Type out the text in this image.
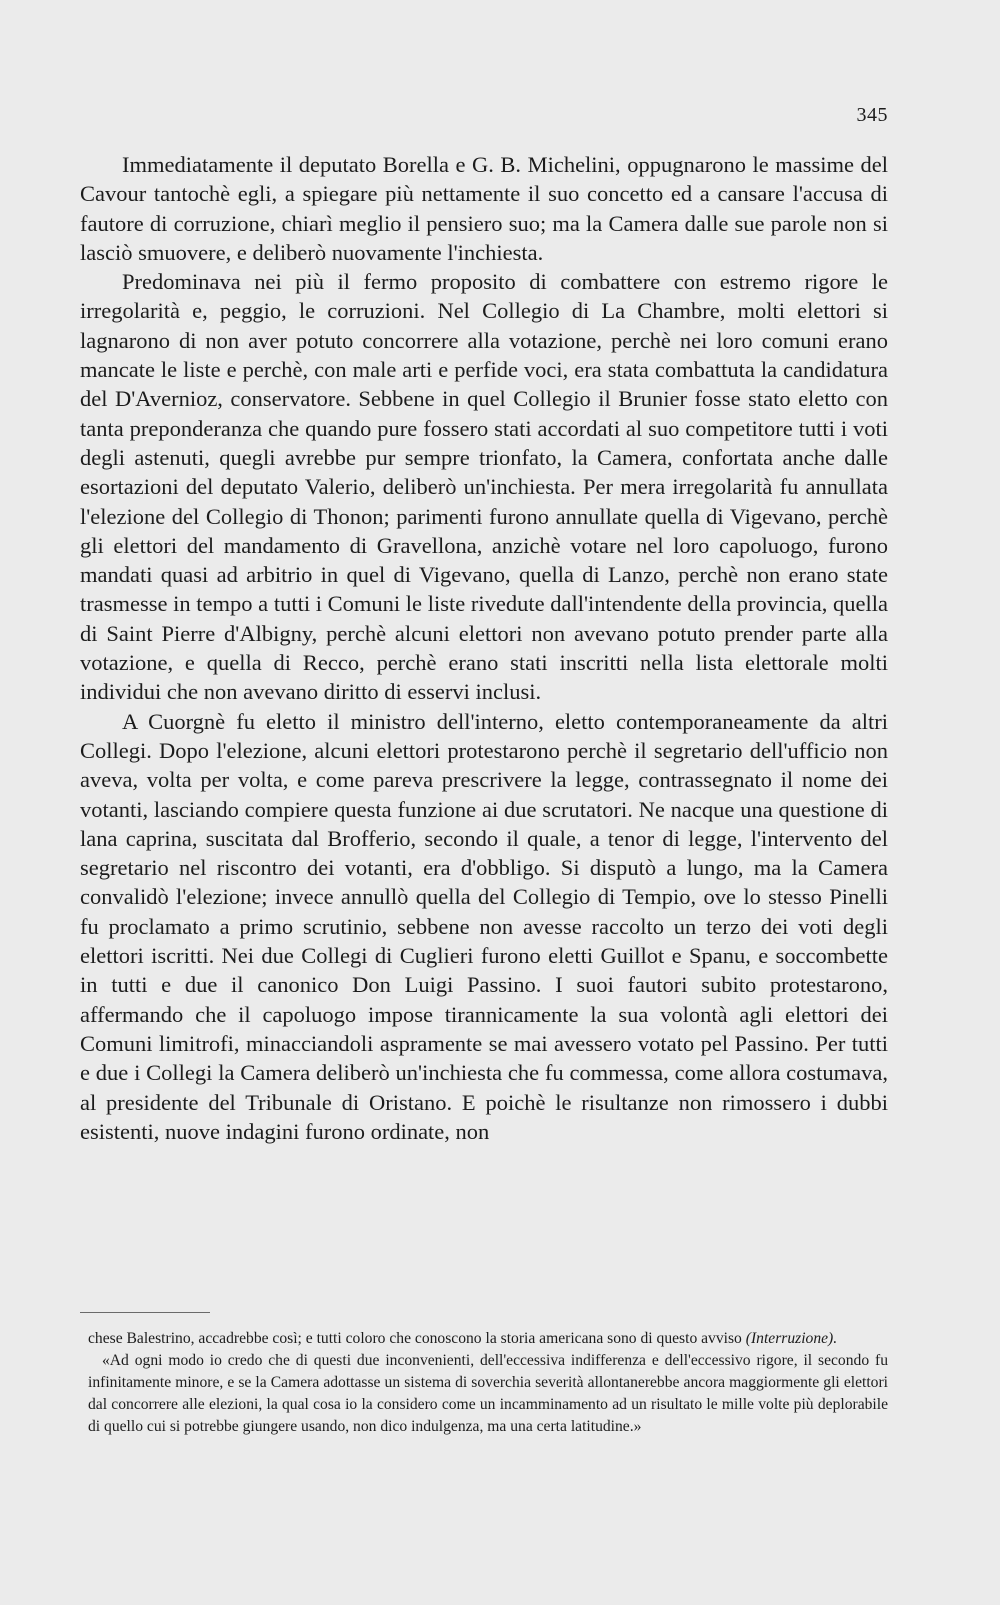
345

Immediatamente il deputato Borella e G. B. Michelini, oppugnarono le massime del Cavour tantochè egli, a spiegare più nettamente il suo concetto ed a cansare l'accusa di fautore di corruzione, chiarì meglio il pensiero suo; ma la Camera dalle sue parole non si lasciò smuovere, e deliberò nuovamente l'inchiesta.

Predominava nei più il fermo proposito di combattere con estremo rigore le irregolarità e, peggio, le corruzioni. Nel Collegio di La Chambre, molti elettori si lagnarono di non aver potuto concorrere alla votazione, perchè nei loro comuni erano mancate le liste e perchè, con male arti e perfide voci, era stata combattuta la candidatura del D'Avernioz, conservatore. Sebbene in quel Collegio il Brunier fosse stato eletto con tanta preponderanza che quando pure fossero stati accordati al suo competitore tutti i voti degli astenuti, quegli avrebbe pur sempre trionfato, la Camera, confortata anche dalle esortazioni del deputato Valerio, deliberò un'inchiesta. Per mera irregolarità fu annullata l'elezione del Collegio di Thonon; parimenti furono annullate quella di Vigevano, perchè gli elettori del mandamento di Gravellona, anzichè votare nel loro capoluogo, furono mandati quasi ad arbitrio in quel di Vigevano, quella di Lanzo, perchè non erano state trasmesse in tempo a tutti i Comuni le liste rivedute dall'intendente della provincia, quella di Saint Pierre d'Albigny, perchè alcuni elettori non avevano potuto prender parte alla votazione, e quella di Recco, perchè erano stati inscritti nella lista elettorale molti individui che non avevano diritto di esservi inclusi.

A Cuorgnè fu eletto il ministro dell'interno, eletto contemporaneamente da altri Collegi. Dopo l'elezione, alcuni elettori protestarono perchè il segretario dell'ufficio non aveva, volta per volta, e come pareva prescrivere la legge, contrassegnato il nome dei votanti, lasciando compiere questa funzione ai due scrutatori. Ne nacque una questione di lana caprina, suscitata dal Brofferio, secondo il quale, a tenor di legge, l'intervento del segretario nel riscontro dei votanti, era d'obbligo. Si disputò a lungo, ma la Camera convalidò l'elezione; invece annullò quella del Collegio di Tempio, ove lo stesso Pinelli fu proclamato a primo scrutinio, sebbene non avesse raccolto un terzo dei voti degli elettori iscritti. Nei due Collegi di Cuglieri furono eletti Guillot e Spanu, e soccombette in tutti e due il canonico Don Luigi Passino. I suoi fautori subito protestarono, affermando che il capoluogo impose tirannicamente la sua volontà agli elettori dei Comuni limitrofi, minacciandoli aspramente se mai avessero votato pel Passino. Per tutti e due i Collegi la Camera deliberò un'inchiesta che fu commessa, come allora costumava, al presidente del Tribunale di Oristano. E poichè le risultanze non rimossero i dubbi esistenti, nuove indagini furono ordinate, non

chese Balestrino, accadrebbe così; e tutti coloro che conoscono la storia americana sono di questo avviso (Interruzione).

«Ad ogni modo io credo che di questi due inconvenienti, dell'eccessiva indifferenza e dell'eccessivo rigore, il secondo fu infinitamente minore, e se la Camera adottasse un sistema di soverchia severità allontanerebbe ancora maggiormente gli elettori dal concorrere alle elezioni, la qual cosa io la considero come un incamminamento ad un risultato le mille volte più deplorabile di quello cui si potrebbe giungere usando, non dico indulgenza, ma una certa latitudine.»
